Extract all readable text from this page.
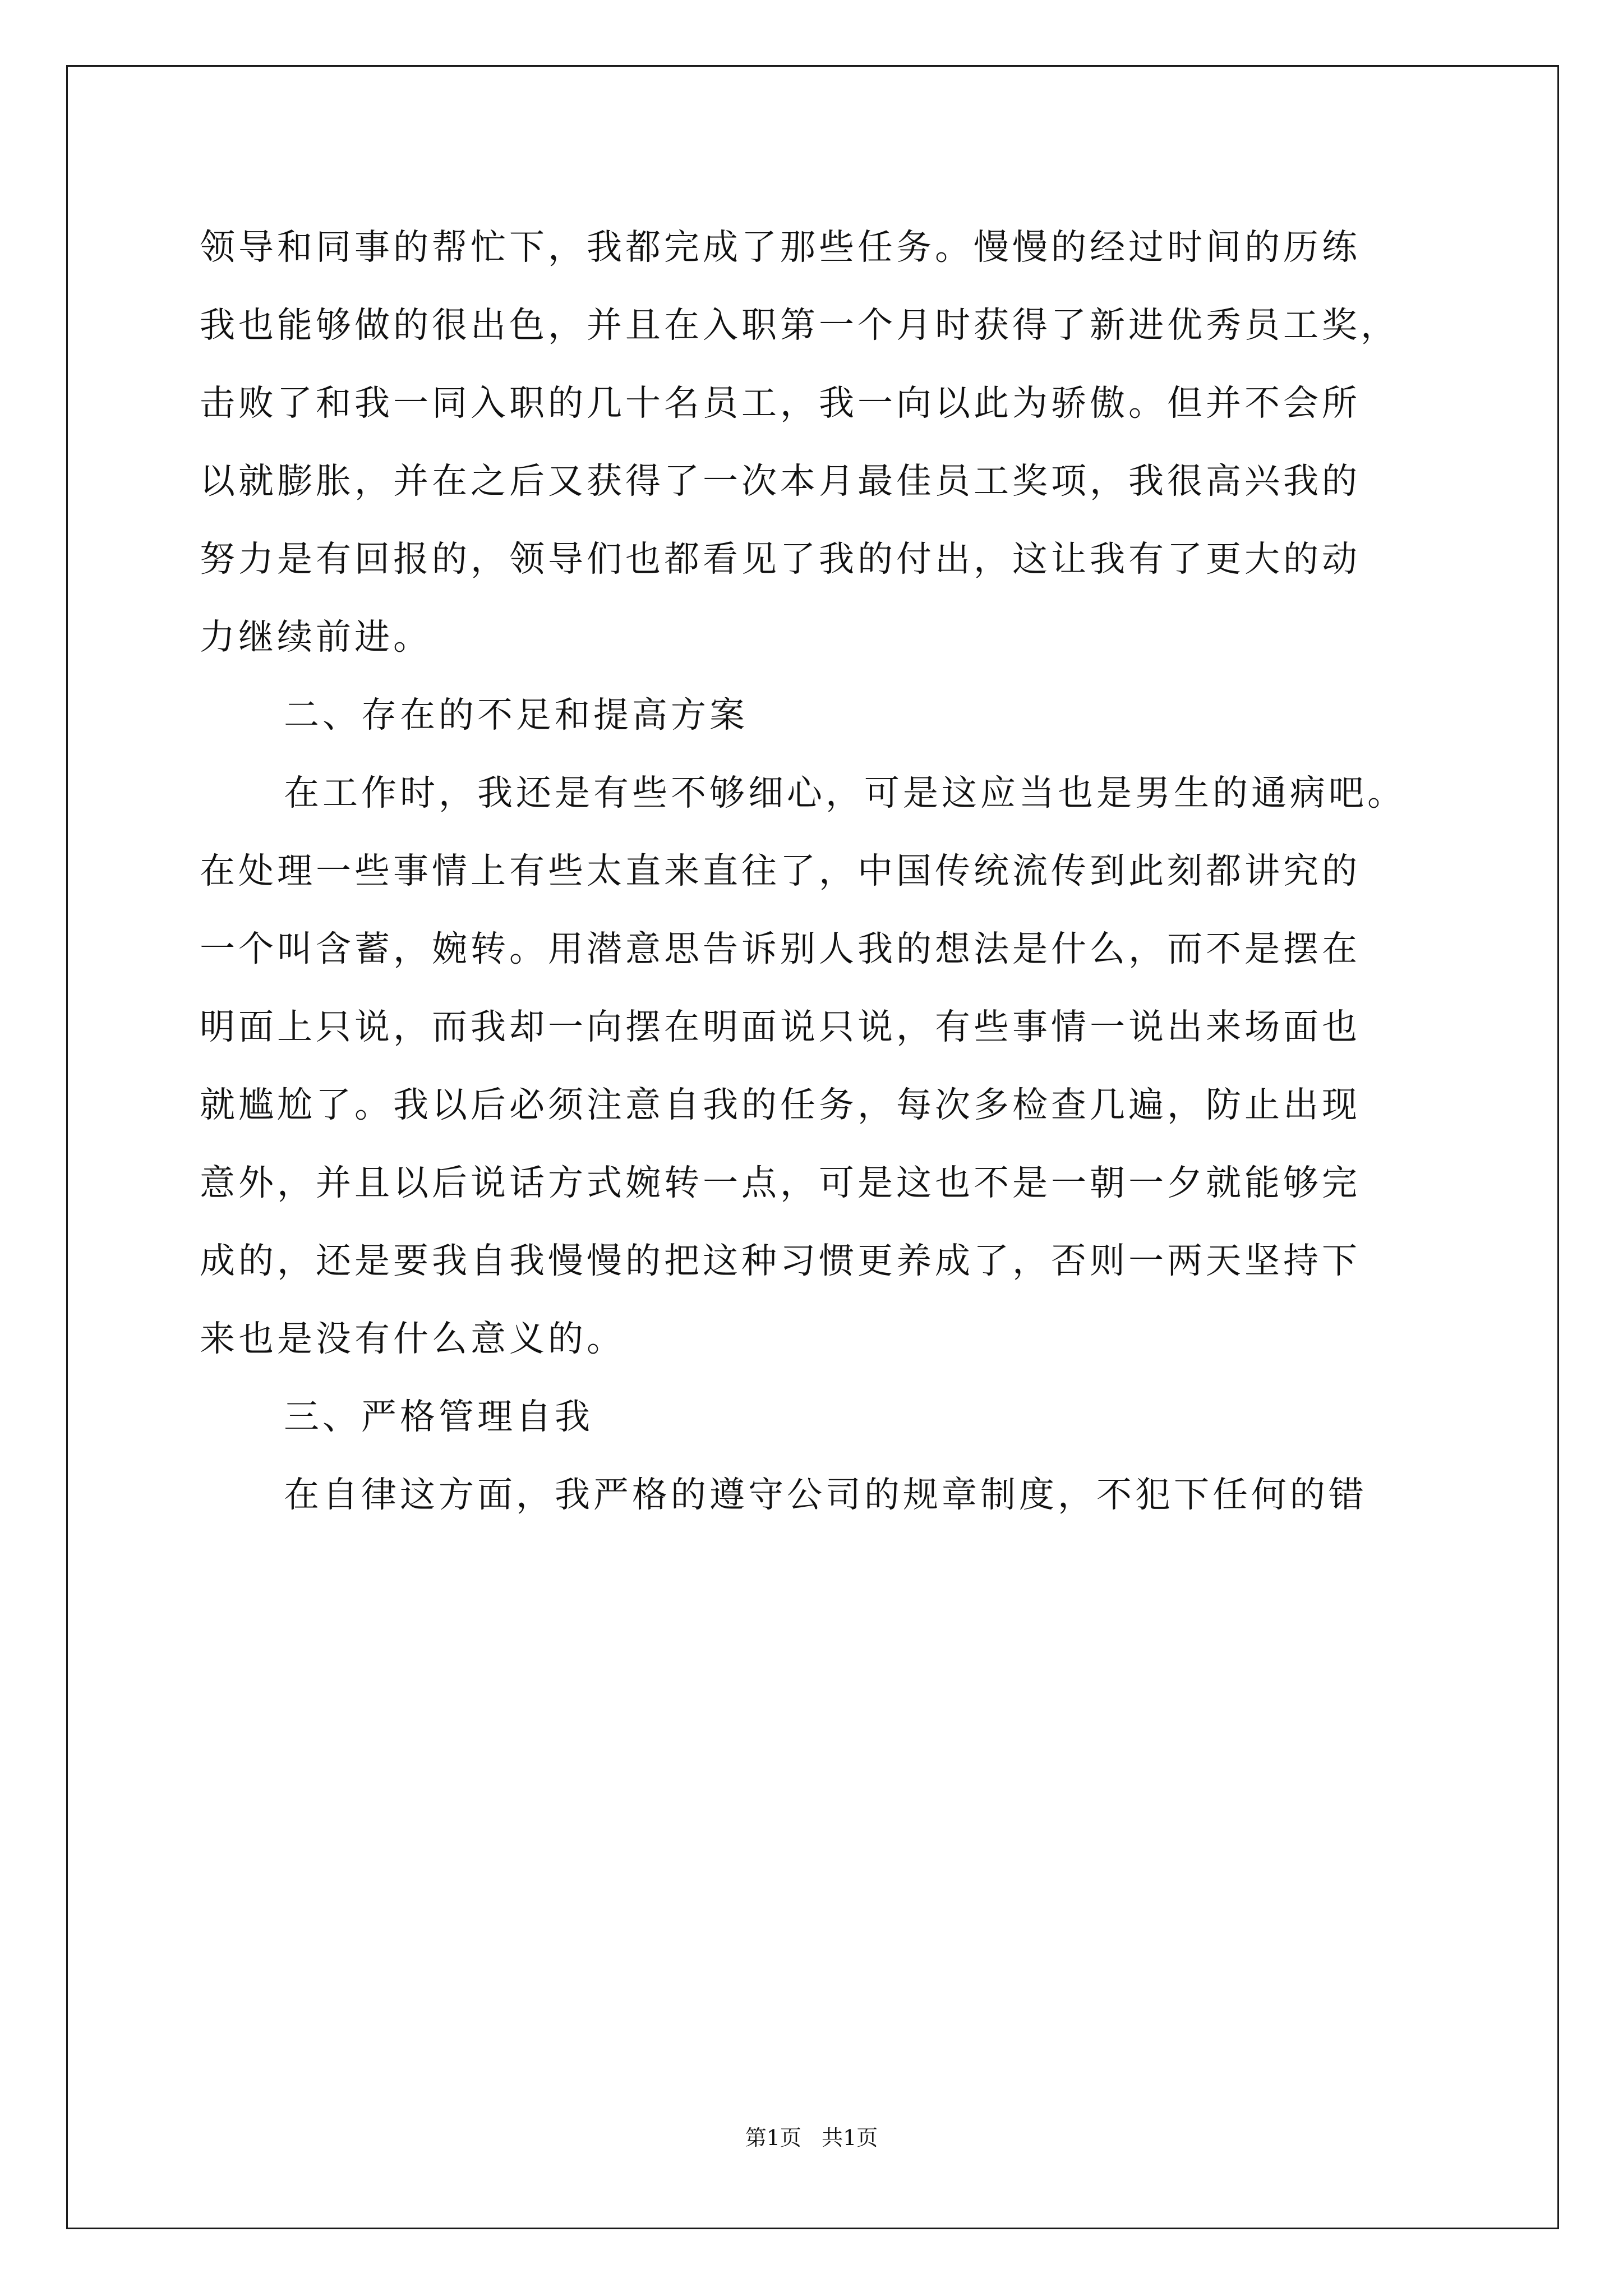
领导和同事的帮忙下，我都完成了那些任务。慢慢的经过时间的历练
我也能够做的很出色，并且在入职第一个月时获得了新进优秀员工奖，
击败了和我一同入职的几十名员工，我一向以此为骄傲。但并不会所
以就膨胀，并在之后又获得了一次本月最佳员工奖项，我很高兴我的
努力是有回报的，领导们也都看见了我的付出，这让我有了更大的动
力继续前进。
二、存在的不足和提高方案
在工作时，我还是有些不够细心，可是这应当也是男生的通病吧。
在处理一些事情上有些太直来直往了，中国传统流传到此刻都讲究的
一个叫含蓄，婉转。用潜意思告诉别人我的想法是什么，而不是摆在
明面上只说，而我却一向摆在明面说只说，有些事情一说出来场面也
就尴尬了。我以后必须注意自我的任务，每次多检查几遍，防止出现
意外，并且以后说话方式婉转一点，可是这也不是一朝一夕就能够完
成的，还是要我自我慢慢的把这种习惯更养成了，否则一两天坚持下
来也是没有什么意义的。
三、严格管理自我
在自律这方面，我严格的遵守公司的规章制度，不犯下任何的错
第1页   共1页
